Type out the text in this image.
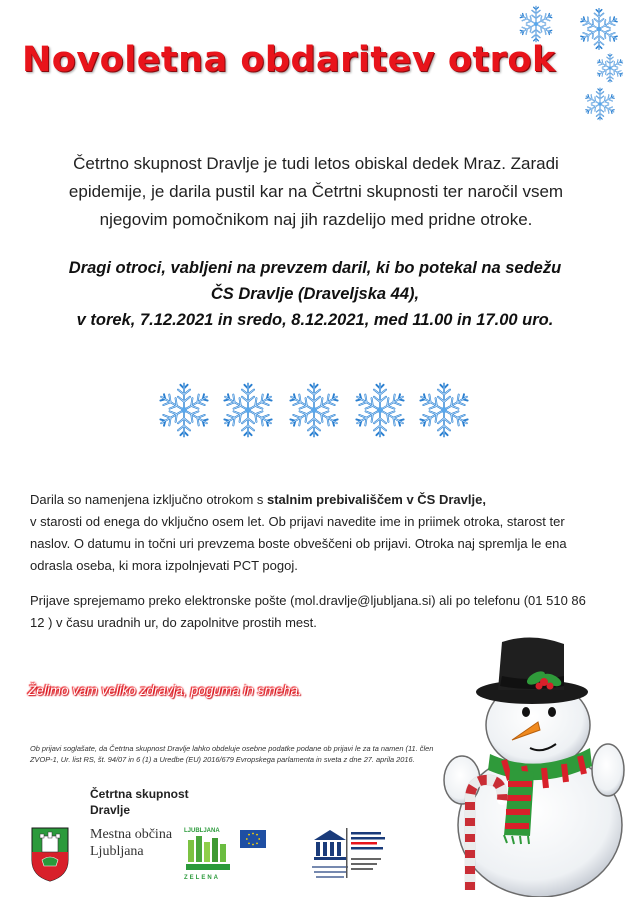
Novoletna obdaritev otrok
Četrtno skupnost Dravlje je tudi letos obiskal dedek Mraz. Zaradi epidemije, je darila pustil kar na Četrtni skupnosti ter naročil vsem njegovim pomočnikom naj jih razdelijo med pridne otroke.
Dragi otroci, vabljeni na prevzem daril, ki bo potekal na sedežu
ČS Dravlje (Draveljska 44),
v torek, 7.12.2021 in sredo, 8.12.2021, med 11.00 in 17.00 uro.
Darila so namenjena izključno otrokom s stalnim prebivališčem v ČS Dravlje,
v starosti od enega do vključno osem let. Ob prijavi navedite ime in priimek otroka, starost ter naslov. O datumu in točni uri prevzema boste obveščeni ob prijavi. Otroka naj spremlja le ena odrasla oseba, ki mora izpolnjevati PCT pogoj.
Prijave sprejemamo preko elektronske pošte (mol.dravlje@ljubljana.si) ali po telefonu (01 510 86 12 ) v času uradnih ur, do zapolnitve prostih mest.
Želimo vam veliko zdravja, poguma in smeha.
Ob prijavi soglašate, da Četrtna skupnost Dravlje lahko obdeluje osebne podatke podane ob prijavi le za ta namen (11. člen ZVOP-1, Ur. list RS, št. 94/07 in 6 (1) a Uredbe (EU) 2016/679 Evropskega parlamenta in sveta z dne 27. aprila 2016.
Četrtna skupnost
Dravlje
Mestna občina
Ljubljana
LJUBLJANA
ZELENA
